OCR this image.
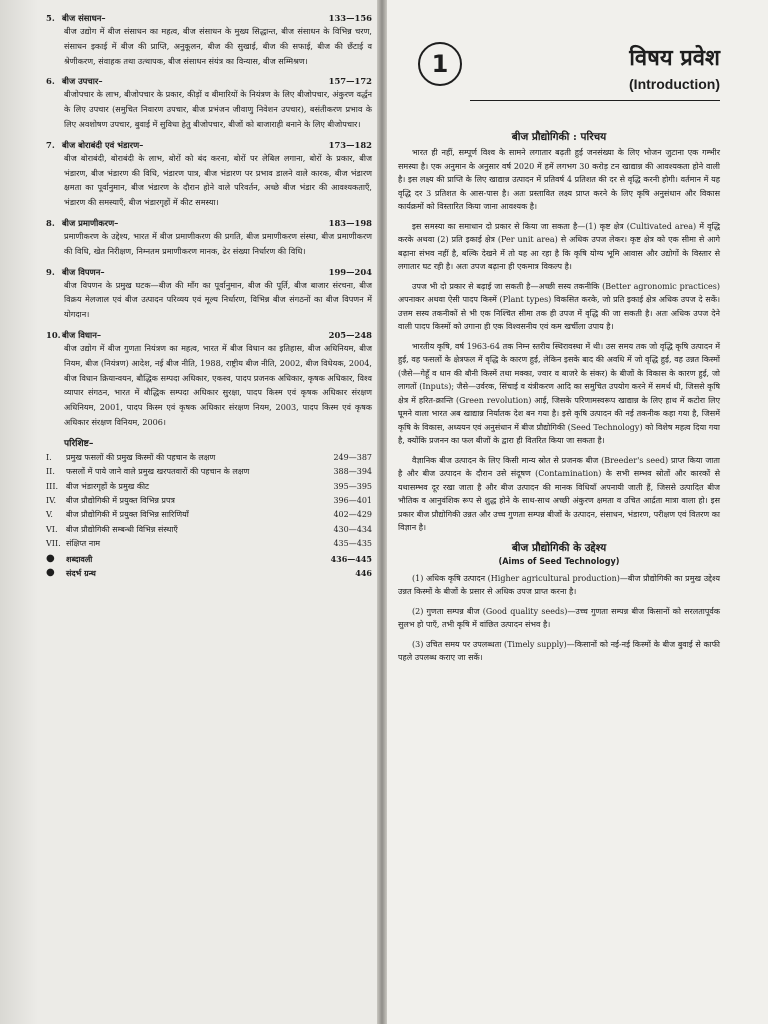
5. बीज संसाधन–	133—156
बीज उद्योग में बीज संसाधन का महत्व, बीज संसाधन के मुख्य सिद्धान्त, बीज संसाधन के विभिन्न चरण, संसाधन इकाई में बीज की प्राप्ति, अनुकूलन, बीज की सुखाई, बीज की सफाई, बीज की छँटाई व श्रेणीकरण, संवाहक तथा उत्थापक, बीज संसाधन संयंत्र का विन्यास, बीज सम्मिश्रण।
6. बीज उपचार–	157—172
बीजोपचार के लाभ, बीजोपचार के प्रकार, कीड़ों व बीमारियों के नियंत्रण के लिए बीजोपचार, अंकुरण वर्द्धन के लिए उपचार (समुचित निवारण उपचार, बीज प्रभंजन जीवाणु निवेशन उपचार), बसंतीकरण प्रभाव के लिए अवशोषण उपचार, बुवाई में सुविधा हेतु बीजोपचार, बीजों को बाजाराही बनाने के लिए बीजोपचार।
7. बीज बोराबंदी एवं भंडारण–	173—182
बीज बोराबंदी, बोराबंदी के लाभ, बोरों को बंद करना, बोरों पर लेबिल लगाना, बोरों के प्रकार, बीज भंडारण, बीज भंडारण की विधि, भंडारण पात्र, बीज भंडारण पर प्रभाव डालने वाले कारक, बीज भंडारण क्षमता का पूर्वानुमान, बीज भंडारण के दौरान होने वाले परिवर्तन, अच्छे बीज भंडार की आवश्यकताएँ, भंडारण की समस्याएँ, बीज भंडारगृहों में कीट समस्या।
8. बीज प्रमाणीकरण–	183—198
प्रमाणीकरण के उद्देश्य, भारत में बीज प्रमाणीकरण की प्रगति, बीज प्रमाणीकरण संस्था, बीज प्रमाणीकरण की विधि, खेत निरीक्षण, निम्नतम प्रमाणीकरण मानक, ढेर संख्या निर्धारण की विधि।
9. बीज विपणन–	199—204
बीज विपणन के प्रमुख घटक—बीज की माँग का पूर्वानुमान, बीज की पूर्ति, बीज बाजार संरचना, बीज विक्रय मेलजाल एवं बीज उत्पादन परिव्यय एवं मूल्य निर्धारण, विभिन्न बीज संगठनों का बीज विपणन में योगदान।
10. बीज विधान–	205—248
बीज उद्योग में बीज गुणता नियंत्रण का महत्व, भारत में बीज विधान का इतिहास, बीज अधिनियम, बीज नियम, बीज (नियंत्रण) आदेश, नई बीज नीति, 1988, राष्ट्रीय बीज नीति, 2002, बीज विधेयक, 2004, बीज विधान क्रियान्वयन, बौद्धिक सम्पदा अधिकार, एकस्व, पादप प्रजनक अधिकार, कृषक अधिकार, विश्व व्यापार संगठन, भारत में बौद्धिक सम्पदा अधिकार सुरक्षा, पादप किस्म एवं कृषक अधिकार संरक्षण अधिनियम, 2001, पादप किस्म एवं कृषक अधिकार संरक्षण नियम, 2003, पादप किस्म एवं कृषक अधिकार संरक्षण विनियम, 2006।
परिशिष्ट–
I.	प्रमुख फसलों की प्रमुख किस्मों की पहचान के लक्षण	249—387
II.	फसलों में पाये जाने वाले प्रमुख खरपतवारों की पहचान के लक्षण	388—394
III. बीज भंडारगृहों के प्रमुख कीट	395—395
IV.	बीज प्रौद्योगिकी में प्रयुक्त विभिन्न प्रपत्र	396—401
V.	बीज प्रौद्योगिकी में प्रयुक्त विभिन्न सारिणियाँ	402—429
VI.	बीज प्रौद्योगिकी सम्बन्धी विभिन्न संस्थाएँ	430—434
VII. संक्षिप्त नाम	435—435
●	शब्दावली	436—445
●	संदर्भ ग्रन्थ	446
1	विषय प्रवेश
(Introduction)
बीज प्रौद्योगिकी : परिचय

भारत ही नहीं, सम्पूर्ण विश्व के सामने लगातार बढ़ती हुई जनसंख्या के लिए भोजन जुटाना एक गम्भीर समस्या है। एक अनुमान के अनुसार वर्ष 2020 में हमें लगभग 30 करोड़ टन खाद्यान्न की आवश्यकता होने वाली है। इस लक्ष्य की प्राप्ति के लिए खाद्यान्न उत्पादन में प्रतिवर्ष 4 प्रतिशत की दर से वृद्धि करनी होगी। वर्तमान में यह वृद्धि दर 3 प्रतिशत के आस-पास है। अतः प्रस्तावित लक्ष्य प्राप्त करने के लिए कृषि अनुसंधान और विकास कार्यक्रमों को विस्तारित किया जाना आवश्यक है।

इस समस्या का समाधान दो प्रकार से किया जा सकता है—(1) कृष्ट क्षेत्र (Cultivated area) में वृद्धि करके अथवा (2) प्रति इकाई क्षेत्र (Per unit area) से अधिक उपज लेकर। कृष्ट क्षेत्र को एक सीमा से आगे बढ़ाना संभव नहीं है, बल्कि देखने में तो यह आ रहा है कि कृषि योग्य भूमि आवास और उद्योगों के विस्तार से लगातार घट रही है। अतः उपज बढ़ाना ही एकमात्र विकल्प है।

उपज भी दो प्रकार से बढ़ाई जा सकती है—अच्छी सस्य तकनीकि (Better agronomic practices) अपनाकर अथवा ऐसी पादप किस्में (Plant types) विकसित करके, जो प्रति इकाई क्षेत्र अधिक उपज दे सकें। उत्तम सस्य तकनीकों से भी एक निश्चित सीमा तक ही उपज में वृद्धि की जा सकती है। अतः अधिक उपज देने वाली पादप किस्मों को उगाना ही एक विश्वसनीय एवं कम खर्चीला उपाय है।

भारतीय कृषि, वर्ष 1963-64 तक निम्न स्तरीय स्थिरावस्था में थी। उस समय तक जो वृद्धि कृषि उत्पादन में हुई, वह फसलों के क्षेत्रफल में वृद्धि के कारण हुई, लेकिन इसके बाद की अवधि में जो वृद्धि हुई, वह उन्नत किस्मों (जैसे—गेहूँ व धान की बौनी किस्में तथा मक्का, ज्वार व बाजरे के संकर) के बीजों के विकास के कारण हुई, जो लागतों (Inputs); जैसे—उर्वरक, सिंचाई व यंत्रीकरण आदि का समुचित उपयोग करने में समर्थ थी, जिससे कृषि क्षेत्र में हरित-क्रान्ति (Green revolution) आई, जिसके परिणामस्वरूप खाद्यान्न के लिए हाथ में कटोरा लिए घूमने वाला भारत अब खाद्यान्न निर्यातक देश बन गया है। इसे कृषि उत्पादन की नई तकनीक कहा गया है, जिसमें कृषि के विकास, अध्ययन एवं अनुसंधान में बीज प्रौद्योगिकी (Seed Technology) को विशेष महत्व दिया गया है, क्योंकि प्रजनन का फल बीजों के द्वारा ही वितरित किया जा सकता है।

वैज्ञानिक बीज उत्पादन के लिए किसी मान्य स्रोत से प्रजनक बीज (Breeder's seed) प्राप्त किया जाता है और बीज उत्पादन के दौरान उसे संदूषण (Contamination) के सभी सम्भव स्रोतों और कारकों से यथासम्भव दूर रखा जाता है और बीज उत्पादन की मानक विधियाँ अपनायी जाती हैं, जिससे उत्पादित बीज भौतिक व आनुवंशिक रूप से शुद्ध होने के साथ-साथ अच्छी अंकुरण क्षमता व उचित आर्द्रता मात्रा वाला हो। इस प्रकार बीज प्रौद्योगिकी उन्नत और उच्च गुणता सम्पन्न बीजों के उत्पादन, संसाधन, भंडारण, परीक्षण एवं वितरण का विज्ञान है।

बीज प्रौद्योगिकी के उद्देश्य
(Aims of Seed Technology)

(1) अधिक कृषि उत्पादन (Higher agricultural production)—बीज प्रौद्योगिकी का प्रमुख उद्देश्य उन्नत किस्मों के बीजों के प्रसार से अधिक उपज प्राप्त करना है।

(2) गुणता सम्पन्न बीज (Good quality seeds)—उच्च गुणता सम्पन्न बीज किसानों को सरलतापूर्वक सुलभ हो पाएँ, तभी कृषि में वांछित उत्पादन संभव है।

(3) उचित समय पर उपलब्धता (Timely supply)—किसानों को नई-नई किस्मों के बीज बुवाई से काफी पहले उपलब्ध कराए जा सकें।
